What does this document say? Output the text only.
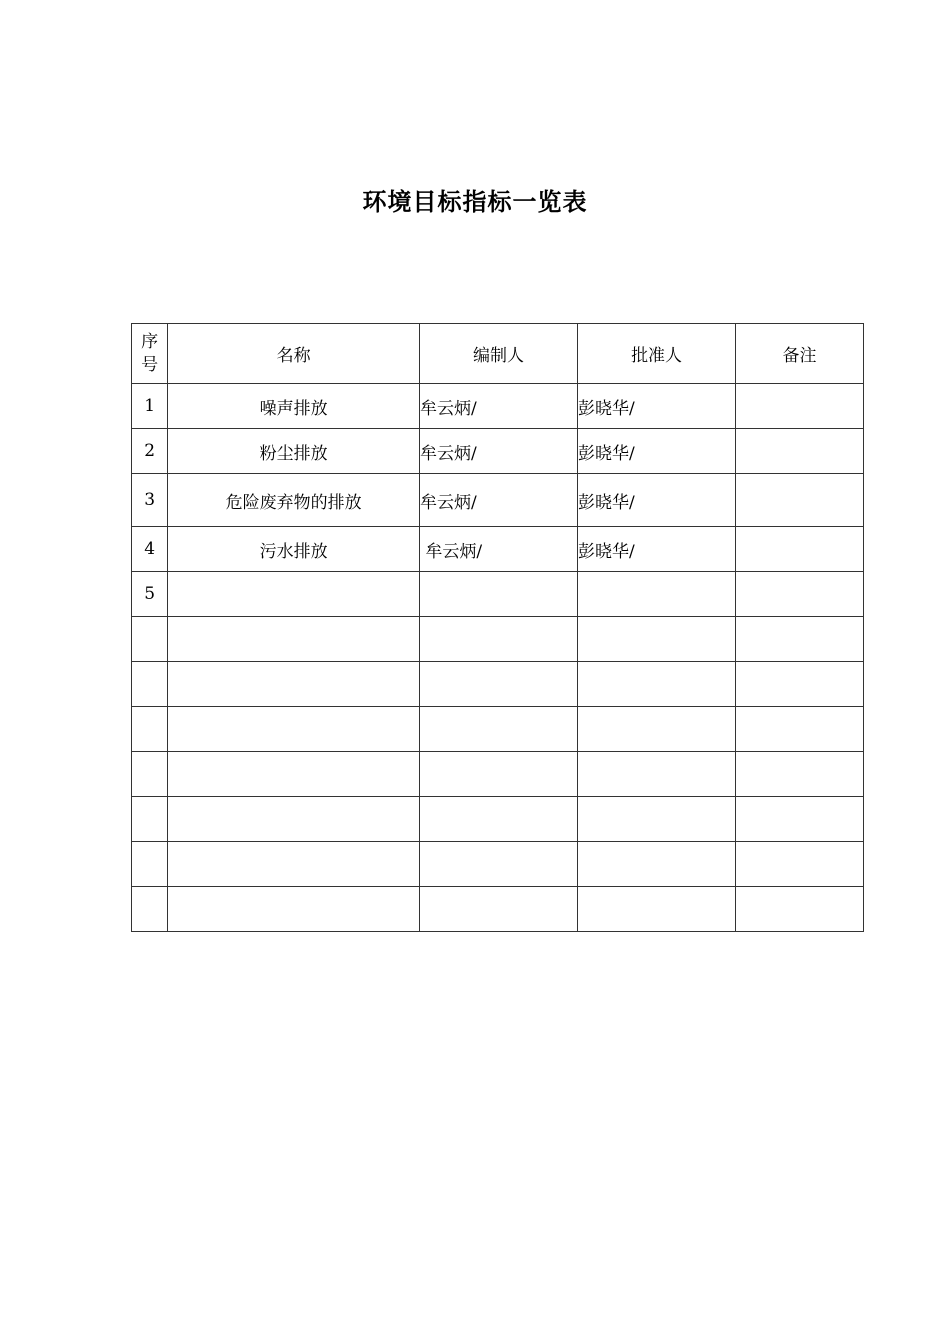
环境目标指标一览表
序
号	名称	编制人	批准人	备注
1	噪声排放	牟云炳/	彭晓华/	
2	粉尘排放	牟云炳/	彭晓华/	
3	危险废弃物的排放	牟云炳/	彭晓华/	
4	污水排放	牟云炳/	彭晓华/	
5				
